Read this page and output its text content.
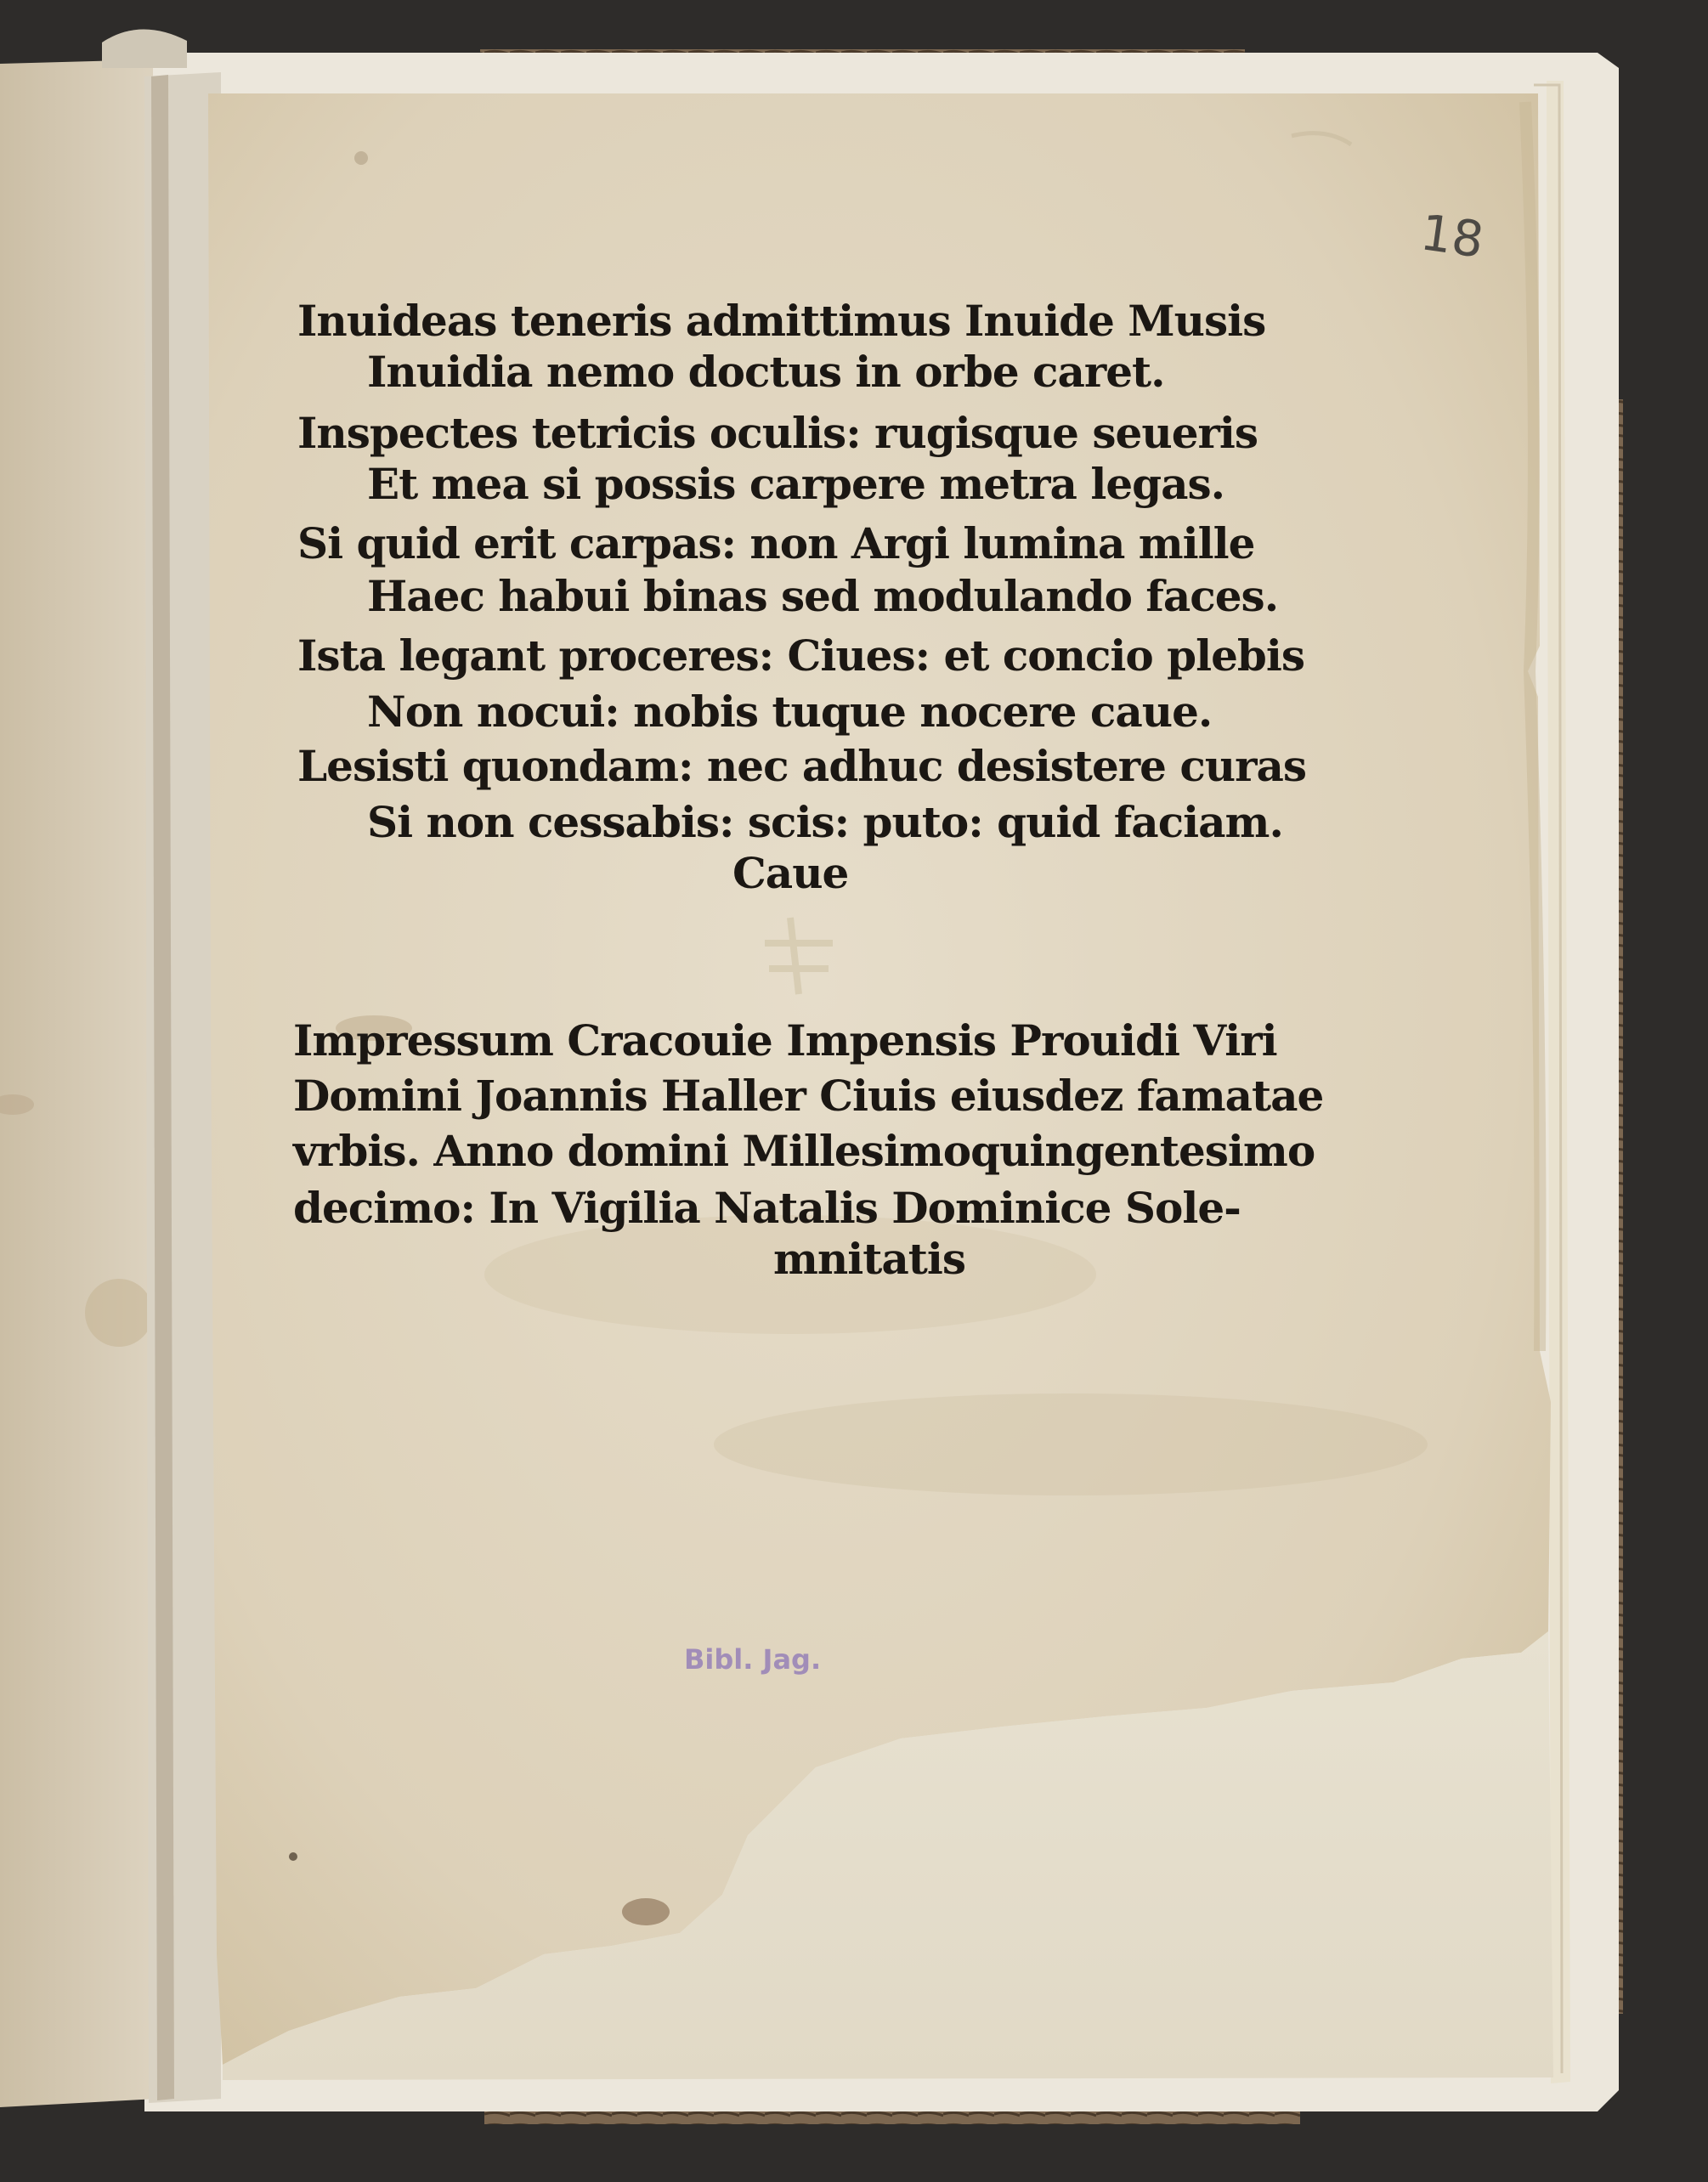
18
Inuideas teneris admittimus Inuide Musis
Inuidia nemo doctus in orbe caret.
Inspectes tetricis oculis: rugisque seueris
Et mea si possis carpere metra legas.
Si quid erit carpas: non Argi lumina mille
Haec habui binas sed modulando faces.
Ista legant proceres: Ciues: et concio plebis
Non nocui: nobis tuque nocere caue.
Lesisti quondam: nec adhuc desistere curas
Si non cessabis: scis: puto: quid faciam.
Caue
Impressum Cracouie Impensis Prouidi Viri
Domini Joannis Haller Ciuis eiusdez famatae
vrbis. Anno domini Millesimoquingentesimo
decimo: In Vigilia Natalis Dominice Sole-
mnitatis
Bibl. Jag.
